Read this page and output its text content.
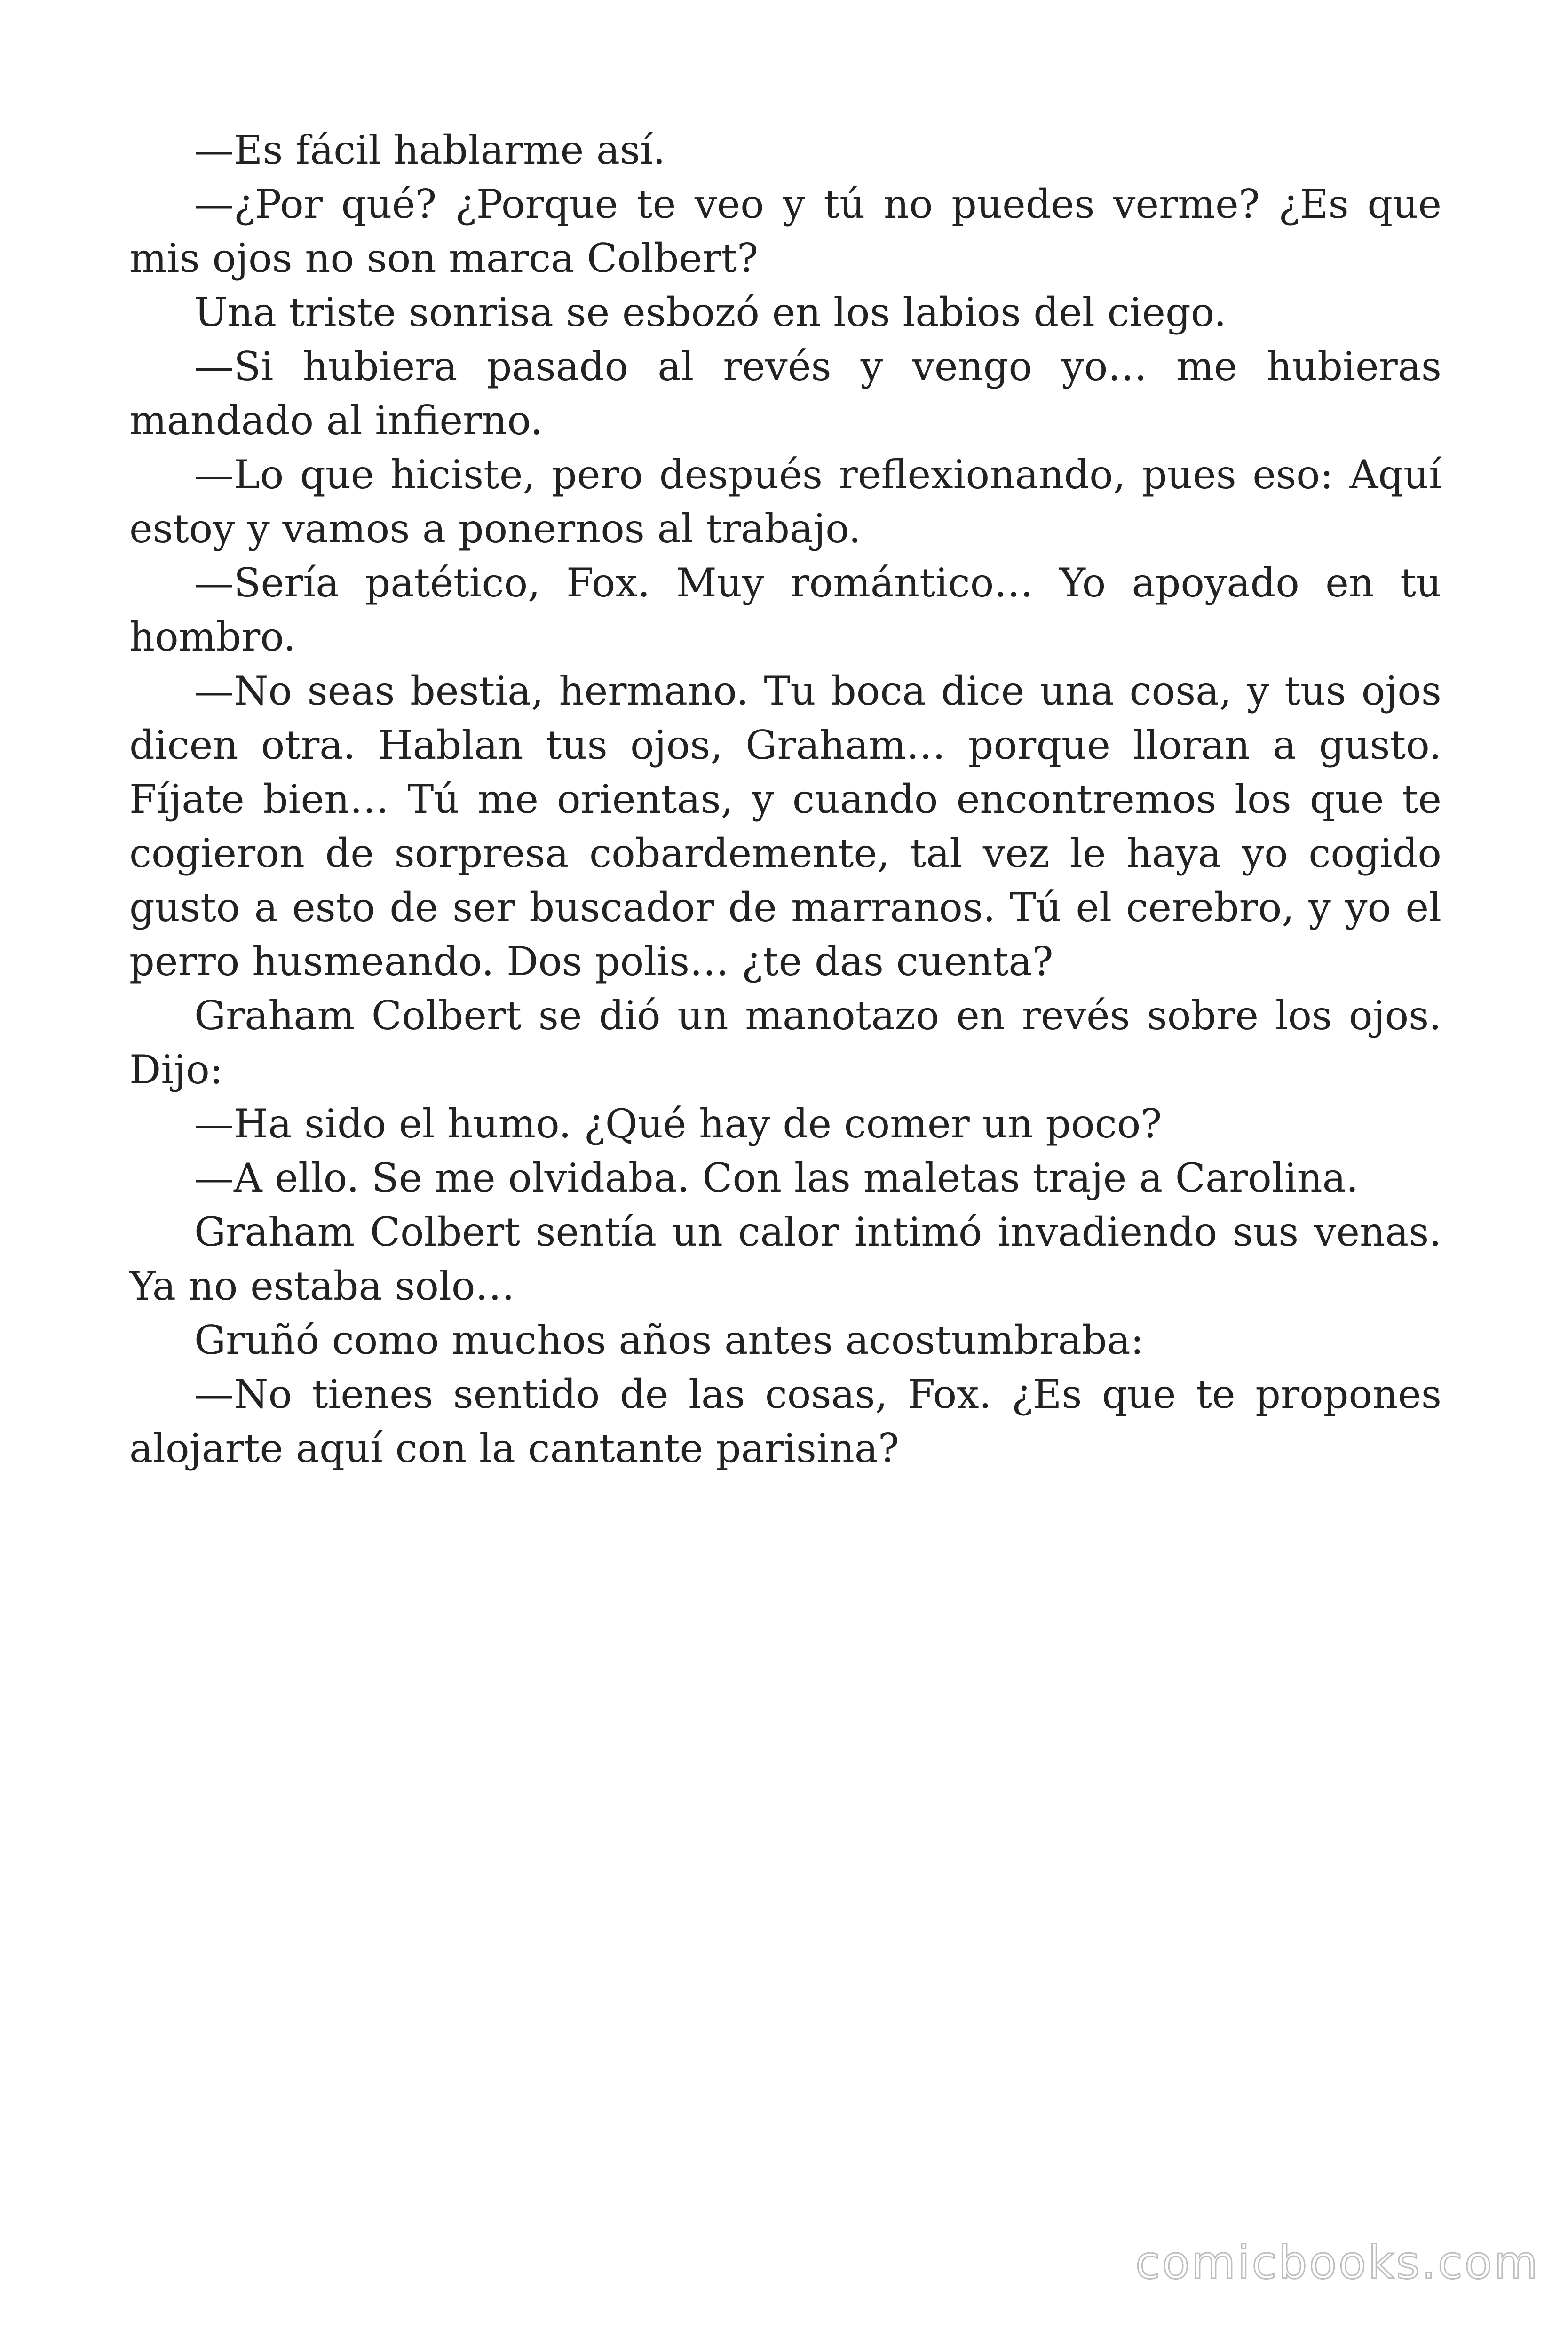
—Es fácil hablarme así.

—¿Por qué? ¿Porque te veo y tú no puedes verme? ¿Es que mis ojos no son marca Colbert?

Una triste sonrisa se esbozó en los labios del ciego.

—Si hubiera pasado al revés y vengo yo… me hubieras mandado al infierno.

—Lo que hiciste, pero después reflexionando, pues eso: Aquí estoy y vamos a ponernos al trabajo.

—Sería patético, Fox. Muy romántico… Yo apoyado en tu hombro.

—No seas bestia, hermano. Tu boca dice una cosa, y tus ojos dicen otra. Hablan tus ojos, Graham… porque lloran a gusto. Fíjate bien… Tú me orientas, y cuando encontremos los que te cogieron de sorpresa cobardemente, tal vez le haya yo cogido gusto a esto de ser buscador de marranos. Tú el cerebro, y yo el perro husmeando. Dos polis… ¿te das cuenta?

Graham Colbert se dió un manotazo en revés sobre los ojos. Dijo:

—Ha sido el humo. ¿Qué hay de comer un poco?

—A ello. Se me olvidaba. Con las maletas traje a Carolina.

Graham Colbert sentía un calor intimó invadiendo sus venas. Ya no estaba solo…

Gruñó como muchos años antes acostumbraba:

—No tienes sentido de las cosas, Fox. ¿Es que te propones alojarte aquí con la cantante parisina?

comicbooks.com
